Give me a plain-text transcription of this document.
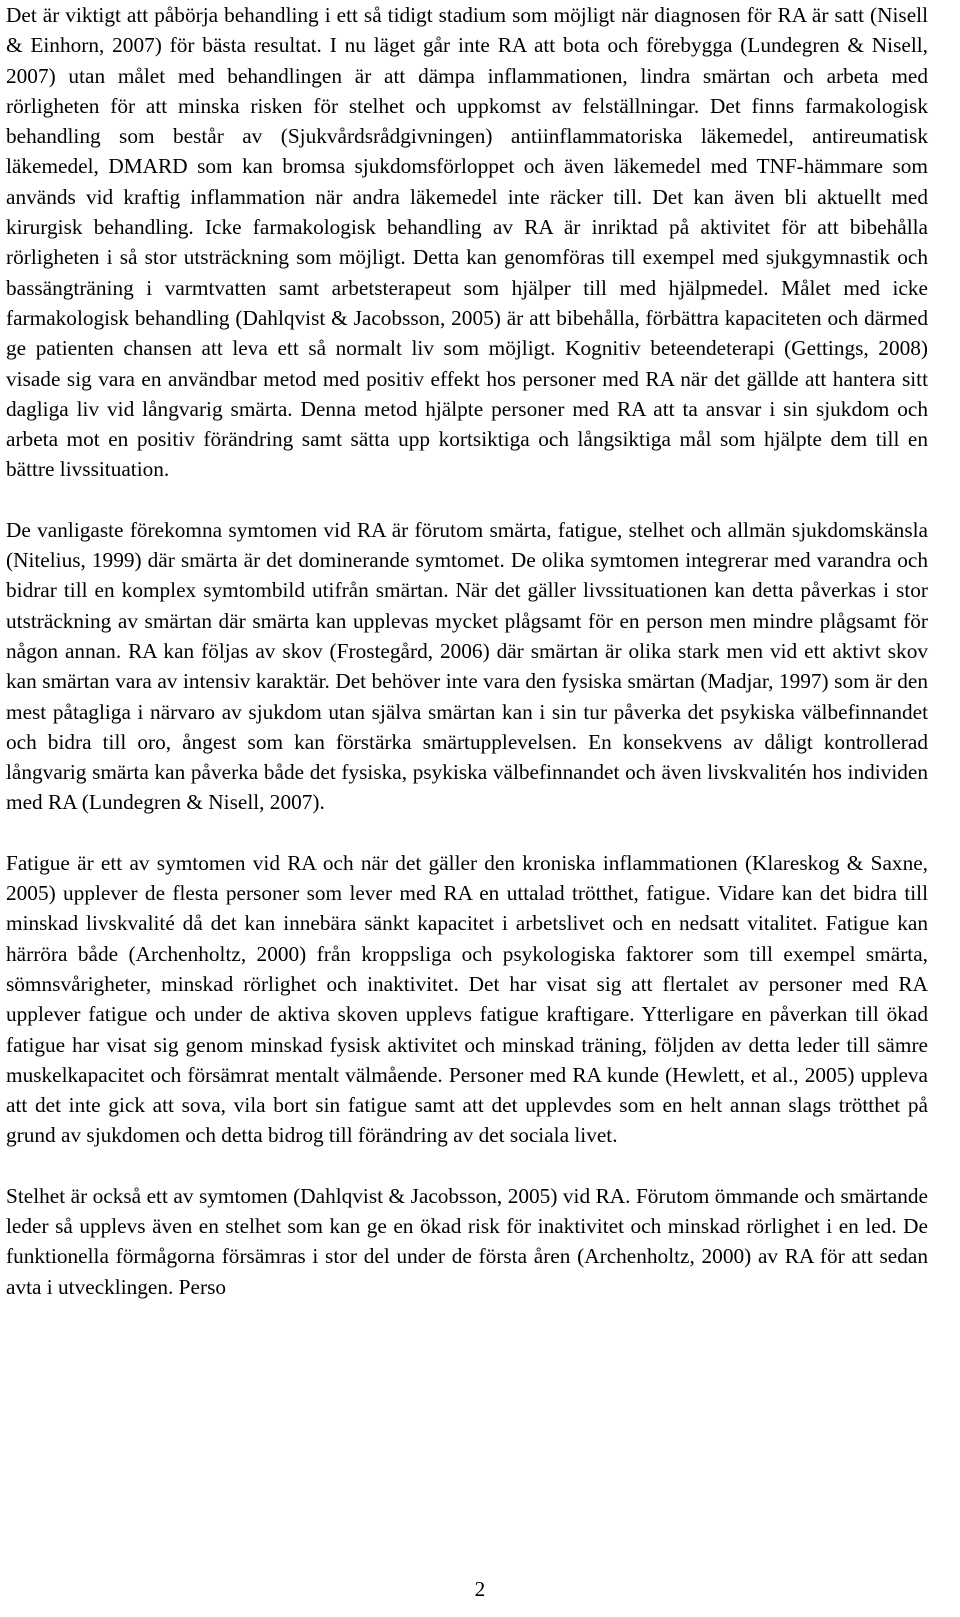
Det är viktigt att påbörja behandling i ett så tidigt stadium som möjligt när diagnosen för RA är satt (Nisell & Einhorn, 2007) för bästa resultat. I nu läget går inte RA att bota och förebygga (Lundegren & Nisell, 2007) utan målet med behandlingen är att dämpa inflammationen, lindra smärtan och arbeta med rörligheten för att minska risken för stelhet och uppkomst av felställningar. Det finns farmakologisk behandling som består av (Sjukvårdsrådgivningen) antiinflammatoriska läkemedel, antireumatisk läkemedel, DMARD som kan bromsa sjukdomsförloppet och även läkemedel med TNF-hämmare som används vid kraftig inflammation när andra läkemedel inte räcker till. Det kan även bli aktuellt med kirurgisk behandling. Icke farmakologisk behandling av RA är inriktad på aktivitet för att bibehålla rörligheten i så stor utsträckning som möjligt. Detta kan genomföras till exempel med sjukgymnastik och bassängträning i varmtvatten samt arbetsterapeut som hjälper till med hjälpmedel. Målet med icke farmakologisk behandling (Dahlqvist & Jacobsson, 2005) är att bibehålla, förbättra kapaciteten och därmed ge patienten chansen att leva ett så normalt liv som möjligt. Kognitiv beteendeterapi (Gettings, 2008) visade sig vara en användbar metod med positiv effekt hos personer med RA när det gällde att hantera sitt dagliga liv vid långvarig smärta. Denna metod hjälpte personer med RA att ta ansvar i sin sjukdom och arbeta mot en positiv förändring samt sätta upp kortsiktiga och långsiktiga mål som hjälpte dem till en bättre livssituation.

De vanligaste förekomna symtomen vid RA är förutom smärta, fatigue, stelhet och allmän sjukdomskänsla (Nitelius, 1999) där smärta är det dominerande symtomet. De olika symtomen integrerar med varandra och bidrar till en komplex symtombild utifrån smärtan. När det gäller livssituationen kan detta påverkas i stor utsträckning av smärtan där smärta kan upplevas mycket plågsamt för en person men mindre plågsamt för någon annan. RA kan följas av skov (Frostegård, 2006) där smärtan är olika stark men vid ett aktivt skov kan smärtan vara av intensiv karaktär. Det behöver inte vara den fysiska smärtan (Madjar, 1997) som är den mest påtagliga i närvaro av sjukdom utan själva smärtan kan i sin tur påverka det psykiska välbefinnandet och bidra till oro, ångest som kan förstärka smärtupplevelsen. En konsekvens av dåligt kontrollerad långvarig smärta kan påverka både det fysiska, psykiska välbefinnandet och även livskvalitén hos individen med RA (Lundegren & Nisell, 2007).

Fatigue är ett av symtomen vid RA och när det gäller den kroniska inflammationen (Klareskog & Saxne, 2005) upplever de flesta personer som lever med RA en uttalad trötthet, fatigue. Vidare kan det bidra till minskad livskvalité då det kan innebära sänkt kapacitet i arbetslivet och en nedsatt vitalitet. Fatigue kan härröra både (Archenholtz, 2000) från kroppsliga och psykologiska faktorer som till exempel smärta, sömnsvårigheter, minskad rörlighet och inaktivitet. Det har visat sig att flertalet av personer med RA upplever fatigue och under de aktiva skoven upplevs fatigue kraftigare. Ytterligare en påverkan till ökad fatigue har visat sig genom minskad fysisk aktivitet och minskad träning, följden av detta leder till sämre muskelkapacitet och försämrat mentalt välmående. Personer med RA kunde (Hewlett, et al., 2005) uppleva att det inte gick att sova, vila bort sin fatigue samt att det upplevdes som en helt annan slags trötthet på grund av sjukdomen och detta bidrog till förändring av det sociala livet.

Stelhet är också ett av symtomen (Dahlqvist & Jacobsson, 2005) vid RA. Förutom ömmande och smärtande leder så upplevs även en stelhet som kan ge en ökad risk för inaktivitet och minskad rörlighet i en led. De funktionella förmågorna försämras i stor del under de första åren (Archenholtz, 2000) av RA för att sedan avta i utvecklingen. Perso

2
